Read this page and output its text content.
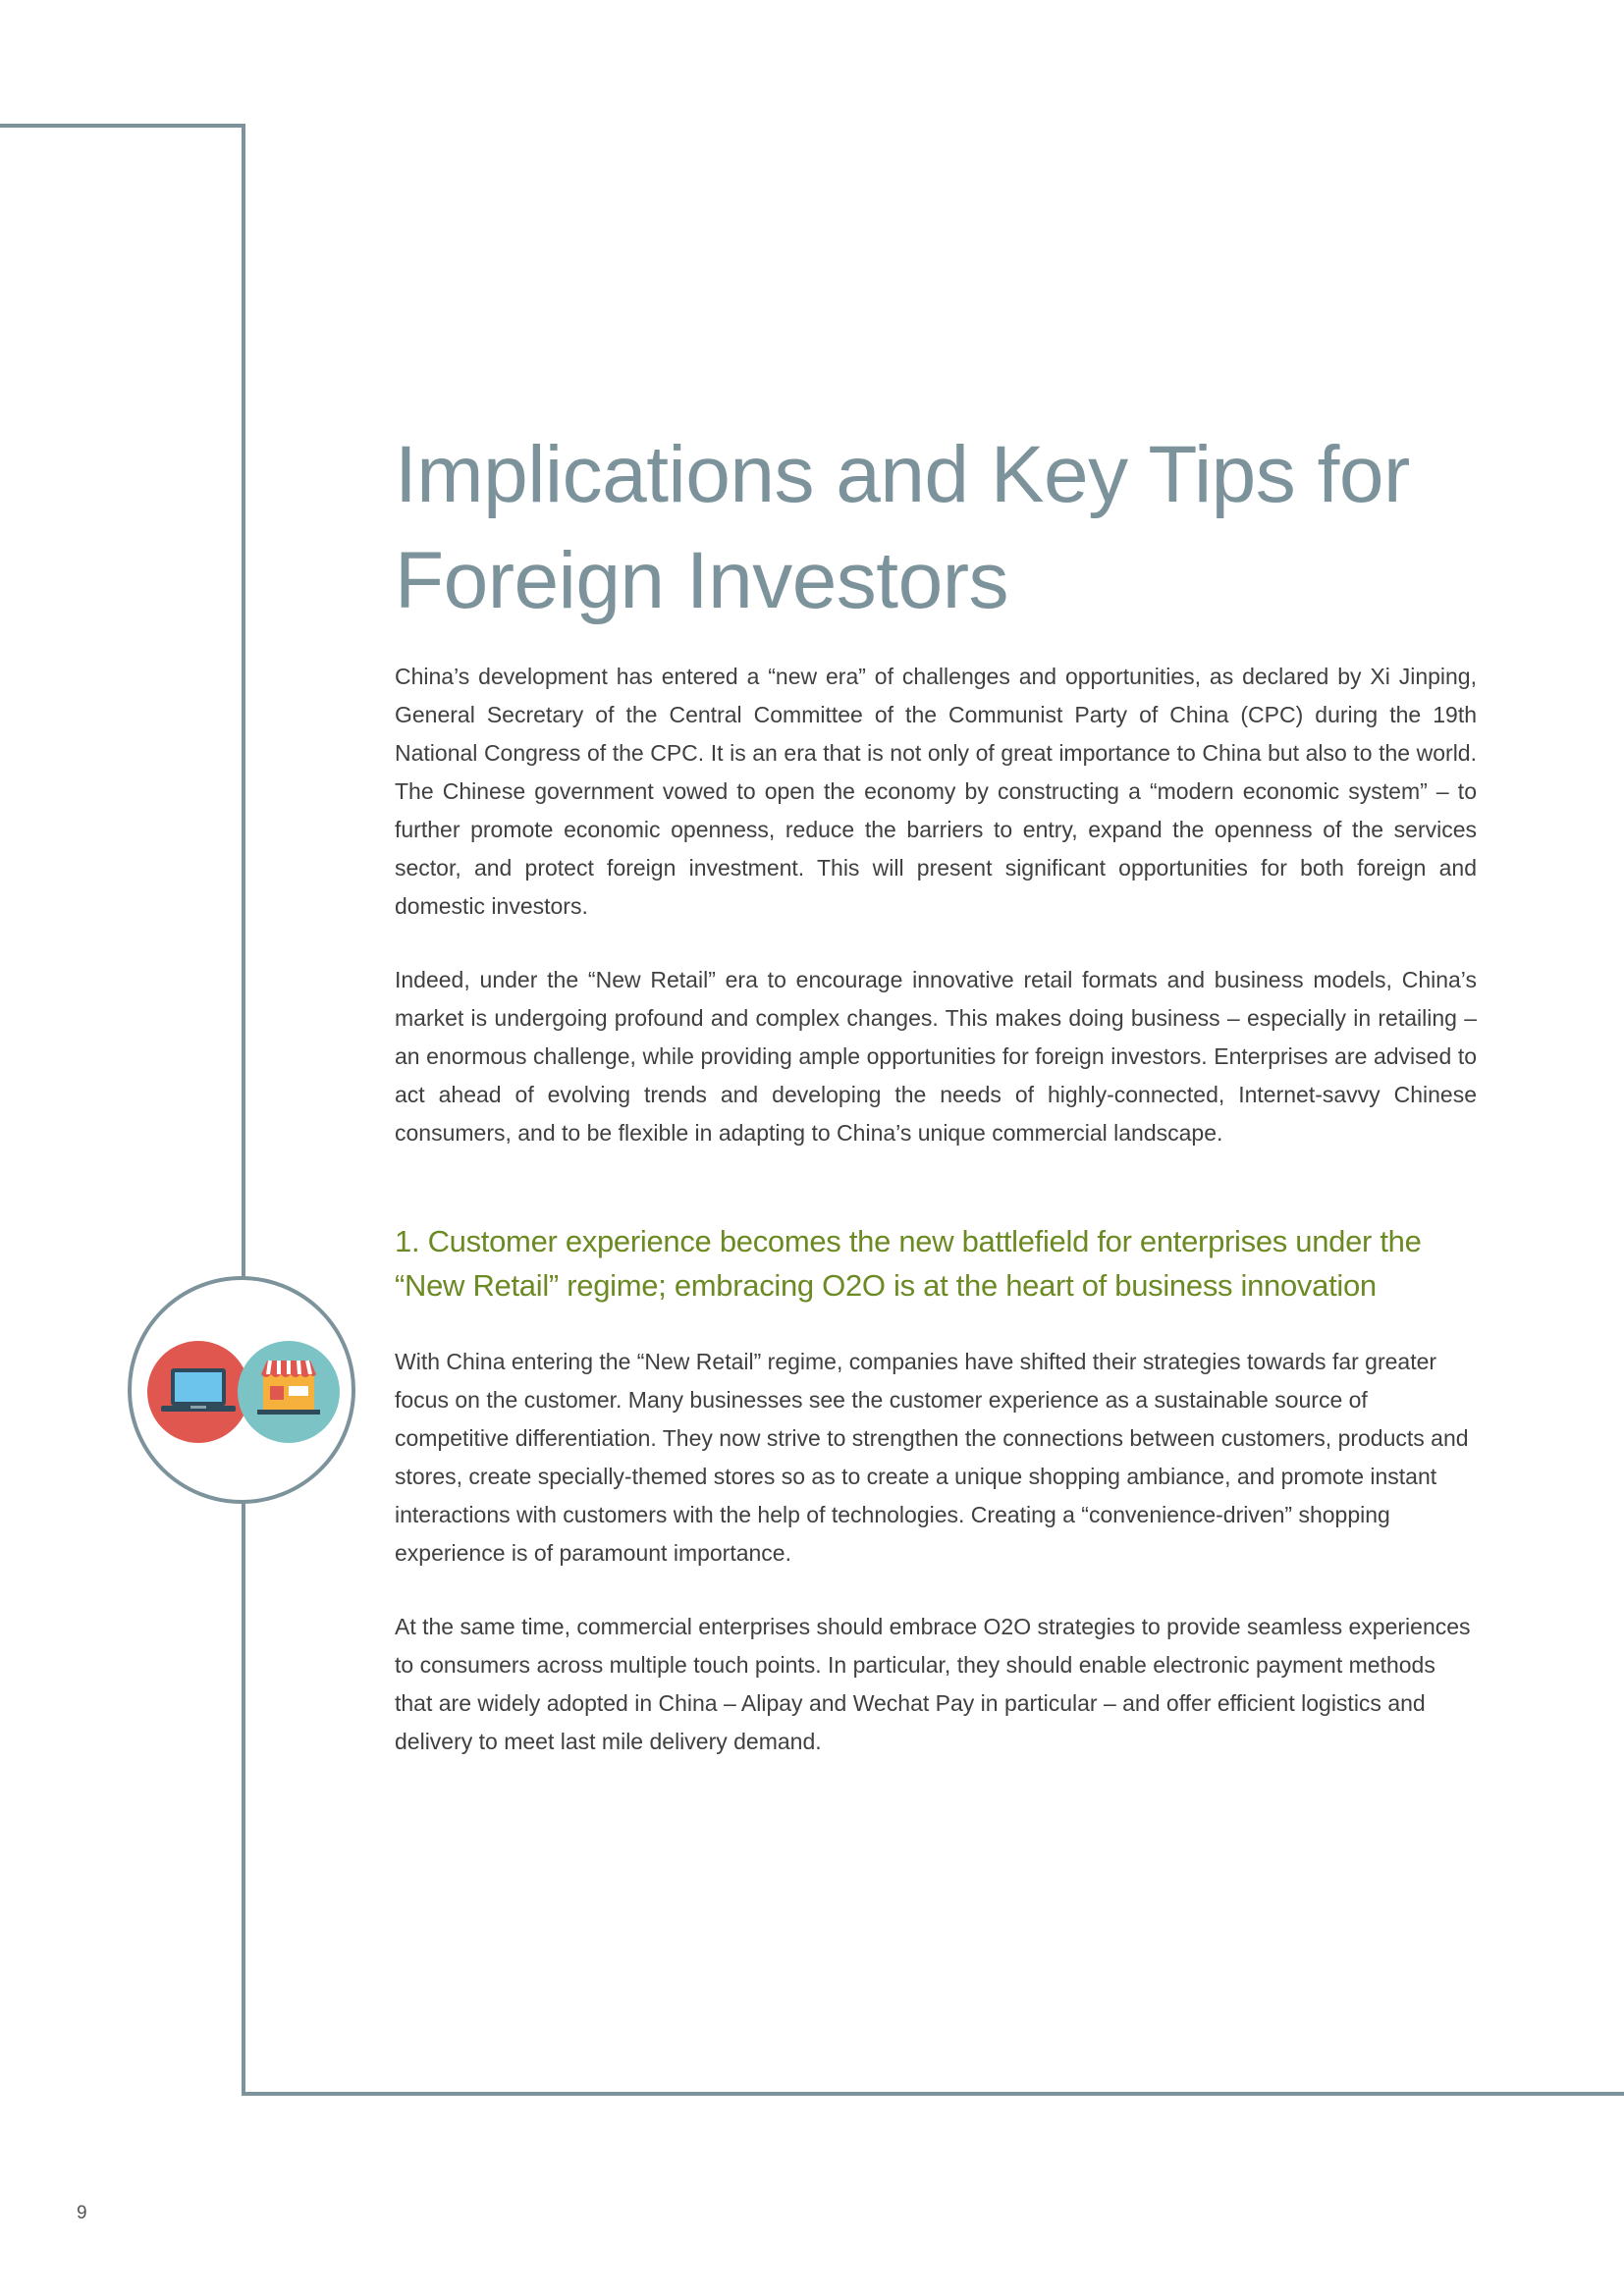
Implications and Key Tips for
Foreign Investors

China’s development has entered a “new era” of challenges and opportunities, as declared by Xi Jinping, General Secretary of the Central Committee of the Communist Party of China (CPC) during the 19th National Congress of the CPC. It is an era that is not only of great importance to China but also to the world. The Chinese government vowed to open the economy by constructing a “modern economic system” – to further promote economic openness, reduce the barriers to entry, expand the openness of the services sector, and protect foreign investment. This will present significant opportunities for both foreign and domestic investors.

Indeed, under the “New Retail” era to encourage innovative retail formats and business models, China’s market is undergoing profound and complex changes. This makes doing business – especially in retailing – an enormous challenge, while providing ample opportunities for foreign investors. Enterprises are advised to act ahead of evolving trends and developing the needs of highly-connected, Internet-savvy Chinese consumers, and to be flexible in adapting to China’s unique commercial landscape.

1. Customer experience becomes the new battlefield for enterprises under the
“New Retail” regime; embracing O2O is at the heart of business innovation

With China entering the “New Retail” regime, companies have shifted their strategies towards far greater focus on the customer. Many businesses see the customer experience as a sustainable source of competitive differentiation. They now strive to strengthen the connections between customers, products and stores, create specially-themed stores so as to create a unique shopping ambiance, and promote instant interactions with customers with the help of technologies. Creating a “convenience-driven” shopping experience is of paramount importance.

At the same time, commercial enterprises should embrace O2O strategies to provide seamless experiences to consumers across multiple touch points. In particular, they should enable electronic payment methods that are widely adopted in China – Alipay and Wechat Pay in particular – and offer efficient logistics and delivery to meet last mile delivery demand.

9
